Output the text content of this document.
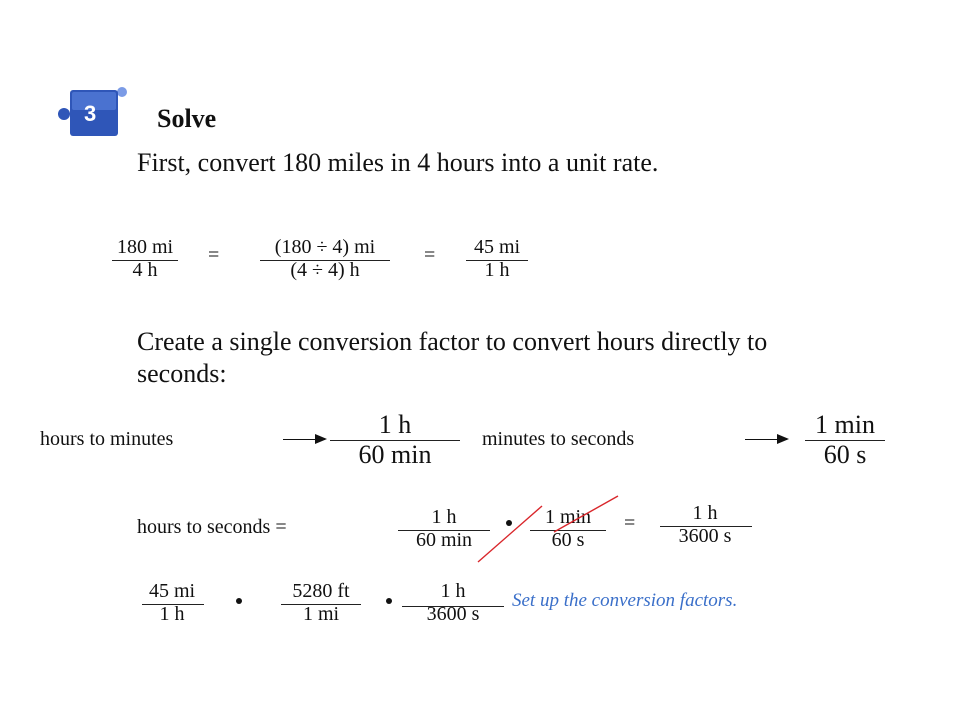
3 Solve
First, convert 180 miles in 4 hours into a unit rate.
180 mi
4 h
=	(180 ÷ 4) mi
(4 ÷ 4) h
=	45 mi
1 h
Create a single conversion factor to convert hours directly to seconds:
hours to minutes	1 h
60 min
minutes to seconds	1 min
60 s
hours to seconds =	1 h
60 min
1 min
60 s
=	1 h
3600 s
45 mi
1 h
5280 ft
1 mi
1 h
3600 s
Set up the conversion factors.
